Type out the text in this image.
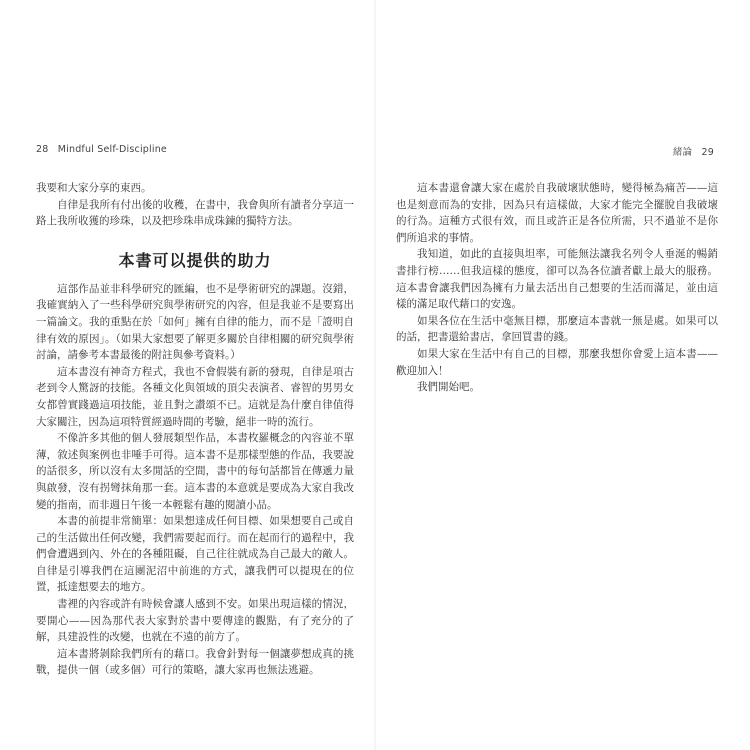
28 Mindful Self-Discipline	緒論 29

我要和大家分享的東西。

自律是我所有付出後的收穫，在書中，我會與所有讀者分享這一路上我所收獲的珍珠，以及把珍珠串成珠鍊的獨特方法。

本書可以提供的助力

這部作品並非科學研究的匯編，也不是學術研究的課題。沒錯，我確實納入了一些科學研究與學術研究的內容，但是我並不是要寫出一篇論文。我的重點在於「如何」擁有自律的能力，而不是「證明自律有效的原因」。（如果大家想要了解更多關於自律相關的研究與學術討論，請參考本書最後的附註與參考資料。）

這本書沒有神奇方程式，我也不會假裝有新的發現，自律是項古老到令人驚訝的技能。各種文化與領域的頂尖表演者、睿智的男男女女都曾實踐過這項技能，並且對之讚頌不已。這就是為什麼自律值得大家關注，因為這項特質經過時間的考驗，絕非一時的流行。

不像許多其他的個人發展類型作品，本書枚羅概念的內容並不單薄，敘述與案例也非唾手可得。這本書不是那樣型態的作品，我要說的話很多，所以沒有太多閒話的空間，書中的每句話都旨在傳遞力量與啟發，沒有拐彎抹角那一套。這本書的本意就是要成為大家自我改變的指南，而非週日午後一本輕鬆有趣的閱讀小品。

本書的前提非常簡單：如果想達成任何目標、如果想要自己或自己的生活做出任何改變，我們需要起而行。而在起而行的過程中，我們會遭遇到內、外在的各種阻礙，自己往往就成為自己最大的敵人。自律是引導我們在這團泥沼中前進的方式，讓我們可以提現在的位置，抵達想要去的地方。

書裡的內容或許有時候會讓人感到不安。如果出現這樣的情況，要開心——因為那代表大家對於書中要傳達的觀點，有了充分的了解，具建設性的改變，也就在不遠的前方了。

這本書將剝除我們所有的藉口。我會針對每一個讓夢想成真的挑戰，提供一個（或多個）可行的策略，讓大家再也無法逃避。

這本書還會讓大家在處於自我破壞狀態時，變得極為痛苦——這也是刻意而為的安排，因為只有這樣做，大家才能完全擺脫自我破壞的行為。這種方式很有效，而且或許正是各位所需，只不過並不是你們所追求的事情。

我知道，如此的直接與坦率，可能無法讓我名列令人垂涎的暢銷書排行榜……但我這樣的態度，卻可以為各位讀者獻上最大的服務。這本書會讓我們因為擁有力量去活出自己想要的生活而滿足，並由這樣的滿足取代藉口的安逸。

如果各位在生活中毫無目標，那麼這本書就一無是處。如果可以的話，把書還給書店，拿回買書的錢。

如果大家在生活中有自己的目標，那麼我想你會愛上這本書——歡迎加入！

我們開始吧。
